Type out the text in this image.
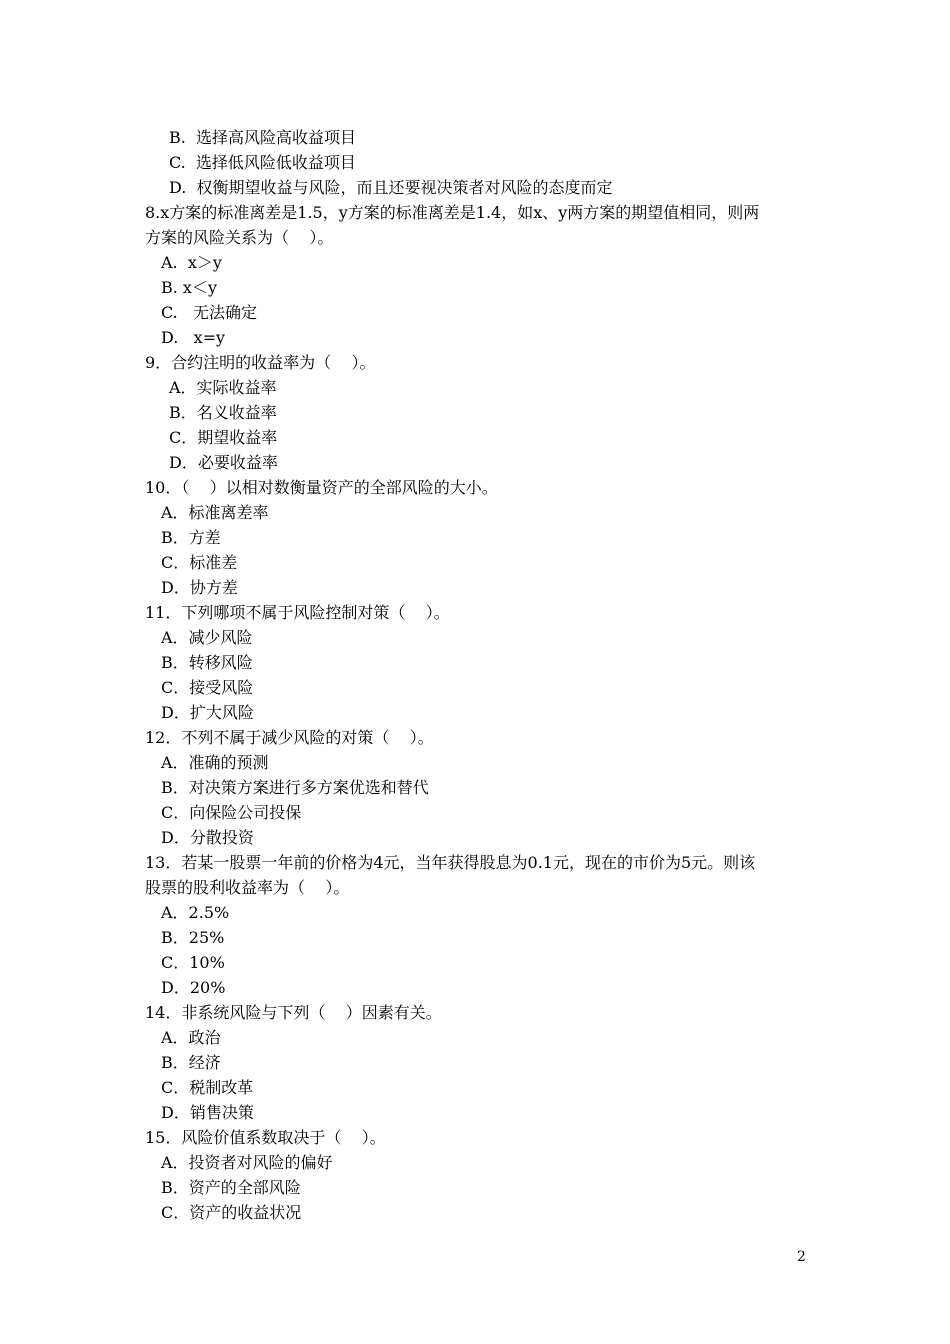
B.  选择高风险高收益项目
C.  选择低风险低收益项目
D.  权衡期望收益与风险，而且还要视决策者对风险的态度而定
8.x方案的标准离差是1.5，y方案的标准离差是1.4，如x、y两方案的期望值相同，则两
方案的风险关系为（    ）。
A.  x＞y
B. x＜y
C.   无法确定
D.   x=y
9．合约注明的收益率为（    ）。
A．实际收益率
B．名义收益率
C．期望收益率
D．必要收益率
10．（    ）以相对数衡量资产的全部风险的大小。
A．标准离差率
B．方差
C．标准差
D．协方差
11．下列哪项不属于风险控制对策（    ）。
A．减少风险
B．转移风险
C．接受风险
D．扩大风险
12．不列不属于减少风险的对策（    ）。
A．准确的预测
B．对决策方案进行多方案优选和替代
C．向保险公司投保
D．分散投资
13．若某一股票一年前的价格为4元，当年获得股息为0.1元，现在的市价为5元。则该
股票的股利收益率为（    ）。
A．2.5%
B．25%
C．10%
D．20%
14．非系统风险与下列（    ）因素有关。
A．政治
B．经济
C．税制改革
D．销售决策
15．风险价值系数取决于（    ）。
A．投资者对风险的偏好
B．资产的全部风险
C．资产的收益状况
2
